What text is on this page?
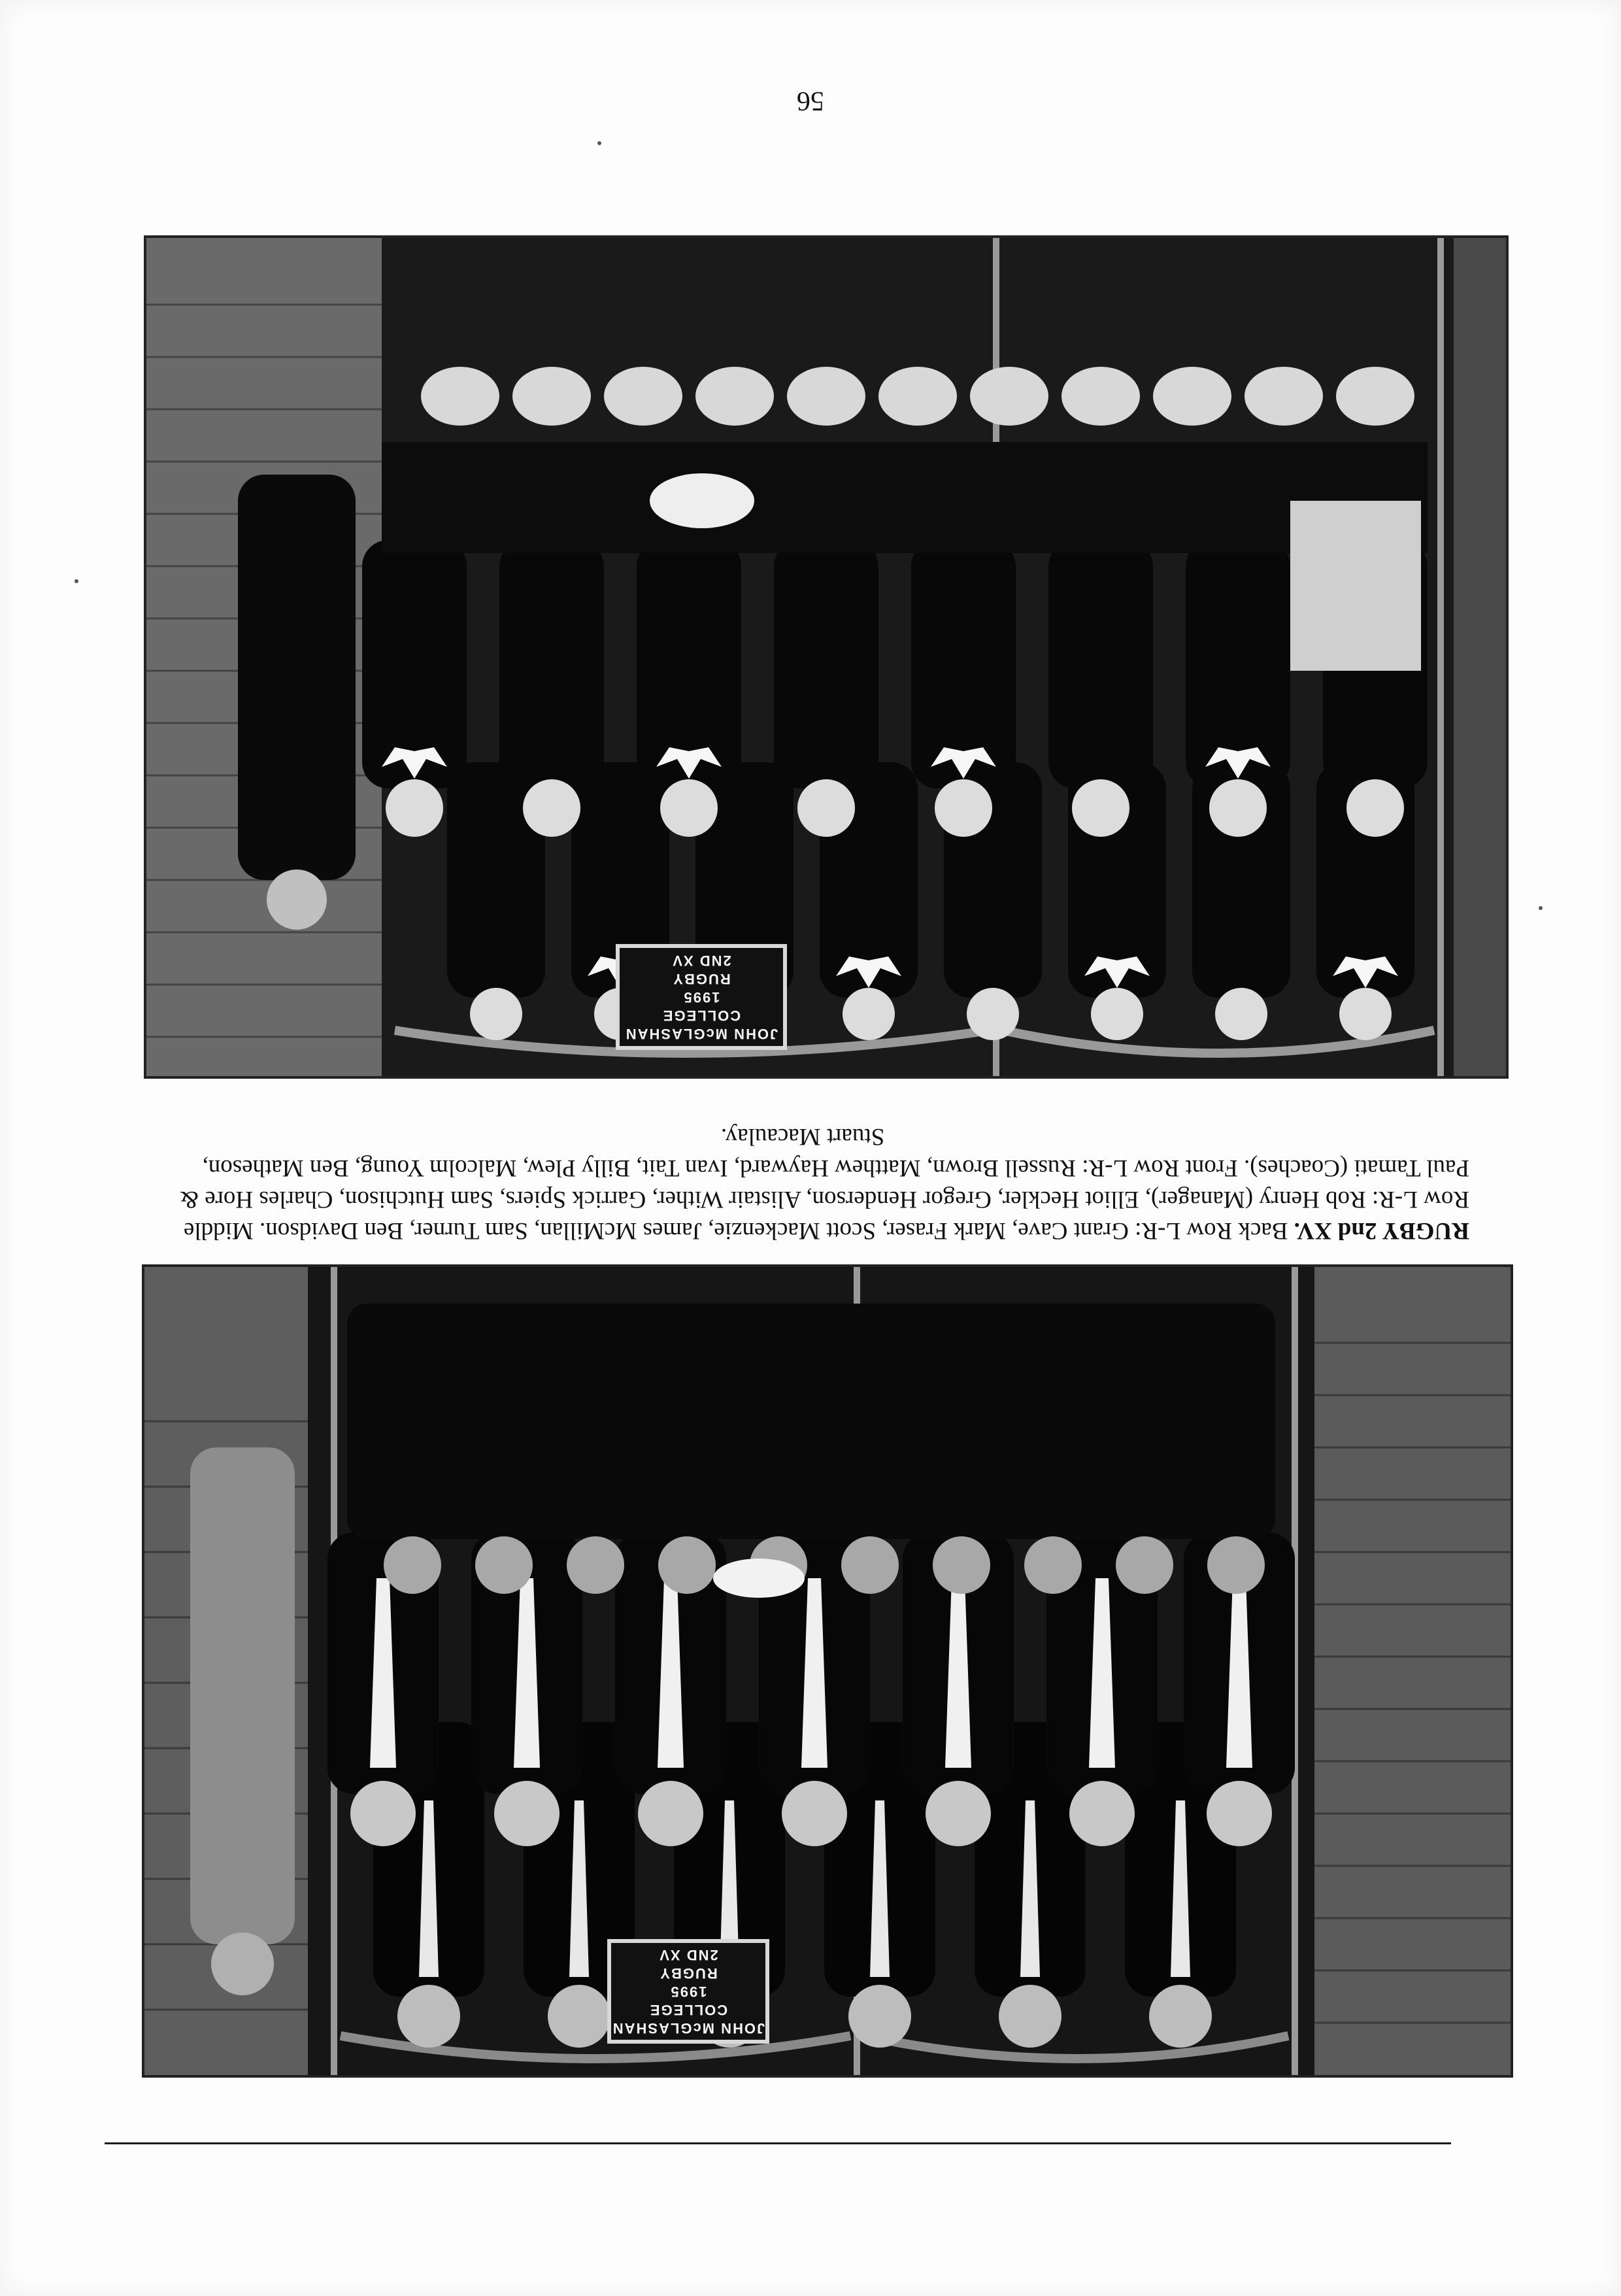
JOHN McGLASHAN
COLLEGE
1995
RUGBY
2ND XV
RUGBY 2nd XV. Back Row L-R: Grant Cave, Mark Fraser, Scott Mackenzie, James McMillan, Sam Turner, Ben Davidson. Middle Row L-R: Rob Henry (Manager), Elliot Heckler, Gregor Henderson, Alistair Wither, Garrick Spiers, Sam Hutchison, Charles Hore & Paul Tamati (Coaches). Front Row L-R: Russell Brown, Matthew Hayward, Ivan Tait, Billy Plew, Malcolm Young, Ben Matheson,
Stuart Macaulay.
JOHN McGLASHAN
COLLEGE
1995
RUGBY
2ND XV
56
